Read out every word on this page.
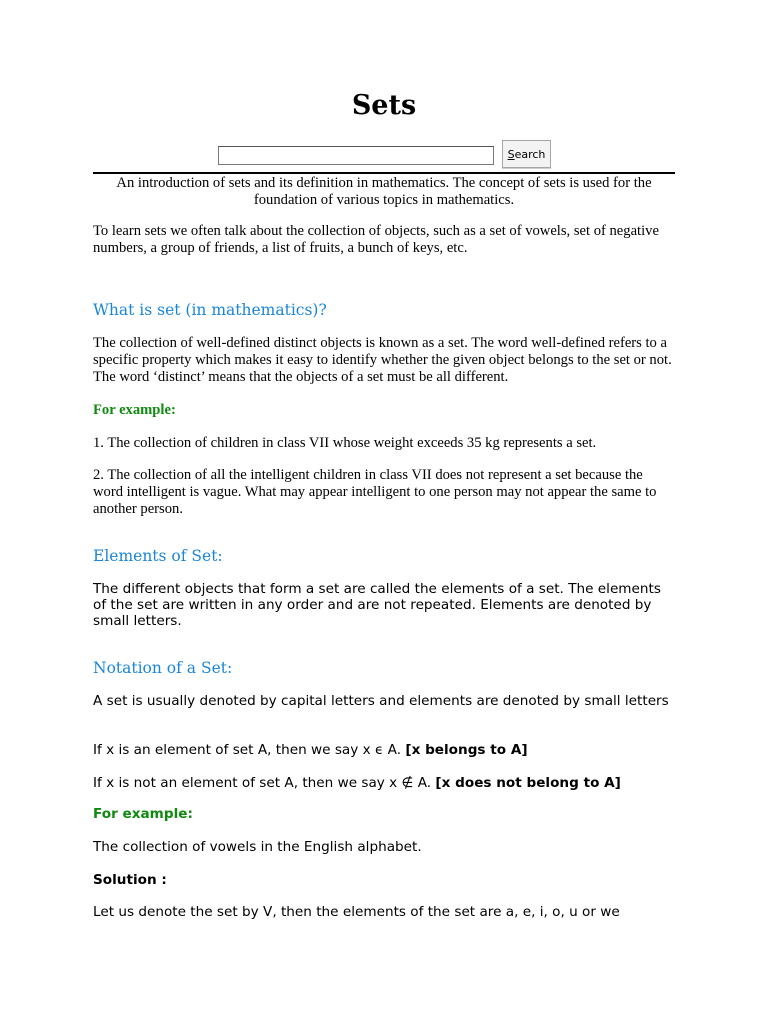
Sets
Search

An introduction of sets and its definition in mathematics. The concept of sets is used for the foundation of various topics in mathematics.

To learn sets we often talk about the collection of objects, such as a set of vowels, set of negative numbers, a group of friends, a list of fruits, a bunch of keys, etc.

What is set (in mathematics)?

The collection of well-defined distinct objects is known as a set. The word well-defined refers to a specific property which makes it easy to identify whether the given object belongs to the set or not. The word ‘distinct’ means that the objects of a set must be all different.

For example:

1. The collection of children in class VII whose weight exceeds 35 kg represents a set.

2. The collection of all the intelligent children in class VII does not represent a set because the word intelligent is vague. What may appear intelligent to one person may not appear the same to another person.

Elements of Set:

The different objects that form a set are called the elements of a set. The elements of the set are written in any order and are not repeated. Elements are denoted by small letters.

Notation of a Set:

A set is usually denoted by capital letters and elements are denoted by small letters

If x is an element of set A, then we say x ϵ A. [x belongs to A]

If x is not an element of set A, then we say x ∉ A. [x does not belong to A]

For example:

The collection of vowels in the English alphabet.

Solution :

Let us denote the set by V, then the elements of the set are a, e, i, o, u or we
